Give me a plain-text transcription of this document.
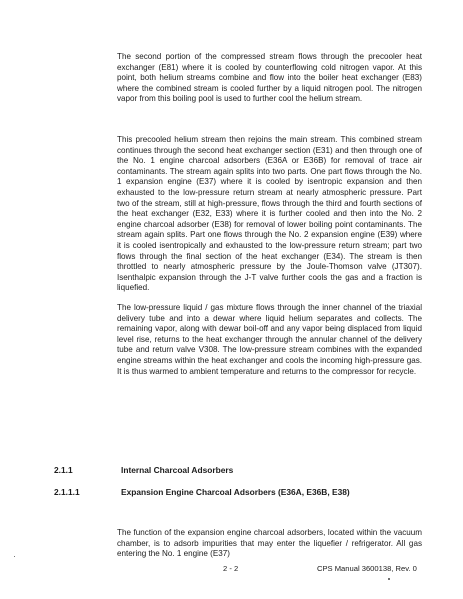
The second portion of the compressed stream flows through the precooler heat exchanger (E81) where it is cooled by counterflowing cold nitrogen vapor. At this point, both helium streams combine and flow into the boiler heat exchanger (E83) where the combined stream is cooled further by a liquid nitrogen pool. The nitrogen vapor from this boiling pool is used to further cool the helium stream.

This precooled helium stream then rejoins the main stream. This combined stream continues through the second heat exchanger section (E31) and then through one of the No. 1 engine charcoal adsorbers (E36A or E36B) for removal of trace air contaminants. The stream again splits into two parts. One part flows through the No. 1 expansion engine (E37) where it is cooled by isentropic expansion and then exhausted to the low-pressure return stream at nearly atmospheric pressure. Part two of the stream, still at high-pressure, flows through the third and fourth sections of the heat exchanger (E32, E33) where it is further cooled and then into the No. 2 engine charcoal adsorber (E38) for removal of lower boiling point contaminants. The stream again splits. Part one flows through the No. 2 expansion engine (E39) where it is cooled isentropically and exhausted to the low-pressure return stream; part two flows through the final section of the heat exchanger (E34). The stream is then throttled to nearly atmospheric pressure by the Joule-Thomson valve (JT307). Isenthalpic expansion through the J-T valve further cools the gas and a fraction is liquefied.

The low-pressure liquid / gas mixture flows through the inner channel of the triaxial delivery tube and into a dewar where liquid helium separates and collects. The remaining vapor, along with dewar boil-off and any vapor being displaced from liquid level rise, returns to the heat exchanger through the annular channel of the delivery tube and return valve V308. The low-pressure stream combines with the expanded engine streams within the heat exchanger and cools the incoming high-pressure gas. It is thus warmed to ambient temperature and returns to the compressor for recycle.

2.1.1	Internal Charcoal Adsorbers
2.1.1.1	Expansion Engine Charcoal Adsorbers (E36A, E36B, E38)

The function of the expansion engine charcoal adsorbers, located within the vacuum chamber, is to adsorb impurities that may enter the liquefier / refrigerator. All gas entering the No. 1 engine (E37)

2 - 2	CPS Manual 3600138, Rev. 0
